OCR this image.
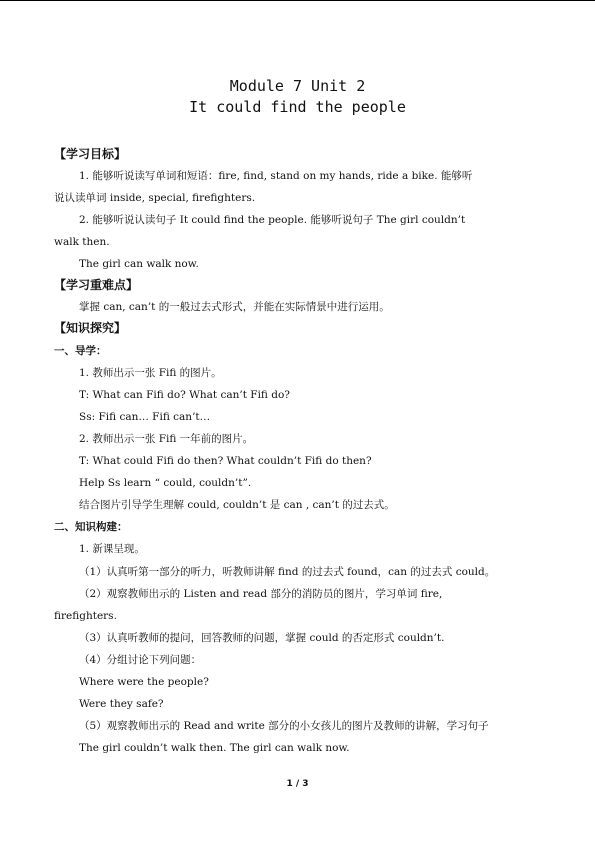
Module 7 Unit 2
It could find the people
【学习目标】
1. 能够听说读写单词和短语：fire, find, stand on my hands, ride a bike. 能够听
说认读单词 inside, special, firefighters.
2. 能够听说认读句子 It could find the people. 能够听说句子 The girl couldn’t
walk then.
The girl can walk now.
【学习重难点】
掌握 can, can’t 的一般过去式形式，并能在实际情景中进行运用。
【知识探究】
一、导学：
1. 教师出示一张 Fifi 的图片。
T: What can Fifi do? What can’t Fifi do?
Ss: Fifi can… Fifi can’t…
2. 教师出示一张 Fifi 一年前的图片。
T: What could Fifi do then? What couldn’t Fifi do then?
Help Ss learn “ could, couldn’t”.
结合图片引导学生理解 could, couldn’t 是 can , can’t 的过去式。
二、知识构建：
1. 新课呈现。
（1）认真听第一部分的听力，听教师讲解 find 的过去式 found，can 的过去式 could。
（2）观察教师出示的 Listen and read 部分的消防员的图片，学习单词 fire,
firefighters.
（3）认真听教师的提问，回答教师的问题，掌握 could 的否定形式 couldn’t.
（4）分组讨论下列问题：
Where were the people?
Were they safe?
（5）观察教师出示的 Read and write 部分的小女孩儿的图片及教师的讲解，学习句子
The girl couldn’t walk then. The girl can walk now.
1 / 3
